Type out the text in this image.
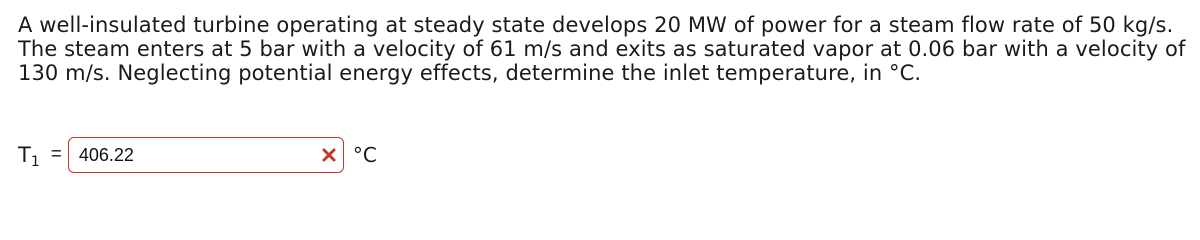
A well-insulated turbine operating at steady state develops 20 MW of power for a steam flow rate of 50 kg/s. The steam enters at 5 bar with a velocity of 61 m/s and exits as saturated vapor at 0.06 bar with a velocity of 130 m/s. Neglecting potential energy effects, determine the inlet temperature, in °C.

$T_1 = 406.22$	°C
